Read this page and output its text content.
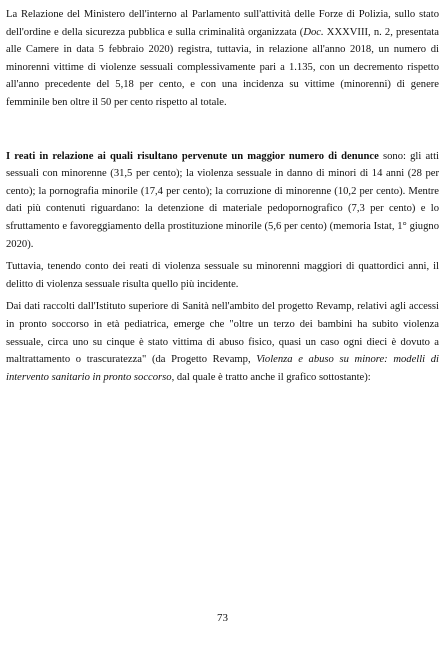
La Relazione del Ministero dell'interno al Parlamento sull'attività delle Forze di Polizia, sullo stato dell'ordine e della sicurezza pubblica e sulla criminalità organizzata (Doc. XXXVIII, n. 2, presentata alle Camere in data 5 febbraio 2020) registra, tuttavia, in relazione all'anno 2018, un numero di minorenni vittime di violenze sessuali complessivamente pari a 1.135, con un decremento rispetto all'anno precedente del 5,18 per cento, e con una incidenza su vittime (minorenni) di genere femminile ben oltre il 50 per cento rispetto al totale.

I reati in relazione ai quali risultano pervenute un maggior numero di denunce sono: gli atti sessuali con minorenne (31,5 per cento); la violenza sessuale in danno di minori di 14 anni (28 per cento); la pornografia minorile (17,4 per cento); la corruzione di minorenne (10,2 per cento). Mentre dati più contenuti riguardano: la detenzione di materiale pedopornografico (7,3 per cento) e lo sfruttamento e favoreggiamento della prostituzione minorile (5,6 per cento) (memoria Istat, 1° giugno 2020).

Tuttavia, tenendo conto dei reati di violenza sessuale su minorenni maggiori di quattordici anni, il delitto di violenza sessuale risulta quello più incidente.

Dai dati raccolti dall'Istituto superiore di Sanità nell'ambito del progetto Revamp, relativi agli accessi in pronto soccorso in età pediatrica, emerge che "oltre un terzo dei bambini ha subito violenza sessuale, circa uno su cinque è stato vittima di abuso fisico, quasi un caso ogni dieci è dovuto a maltrattamento o trascuratezza" (da Progetto Revamp, Violenza e abuso su minore: modelli di intervento sanitario in pronto soccorso, dal quale è tratto anche il grafico sottostante):

73
